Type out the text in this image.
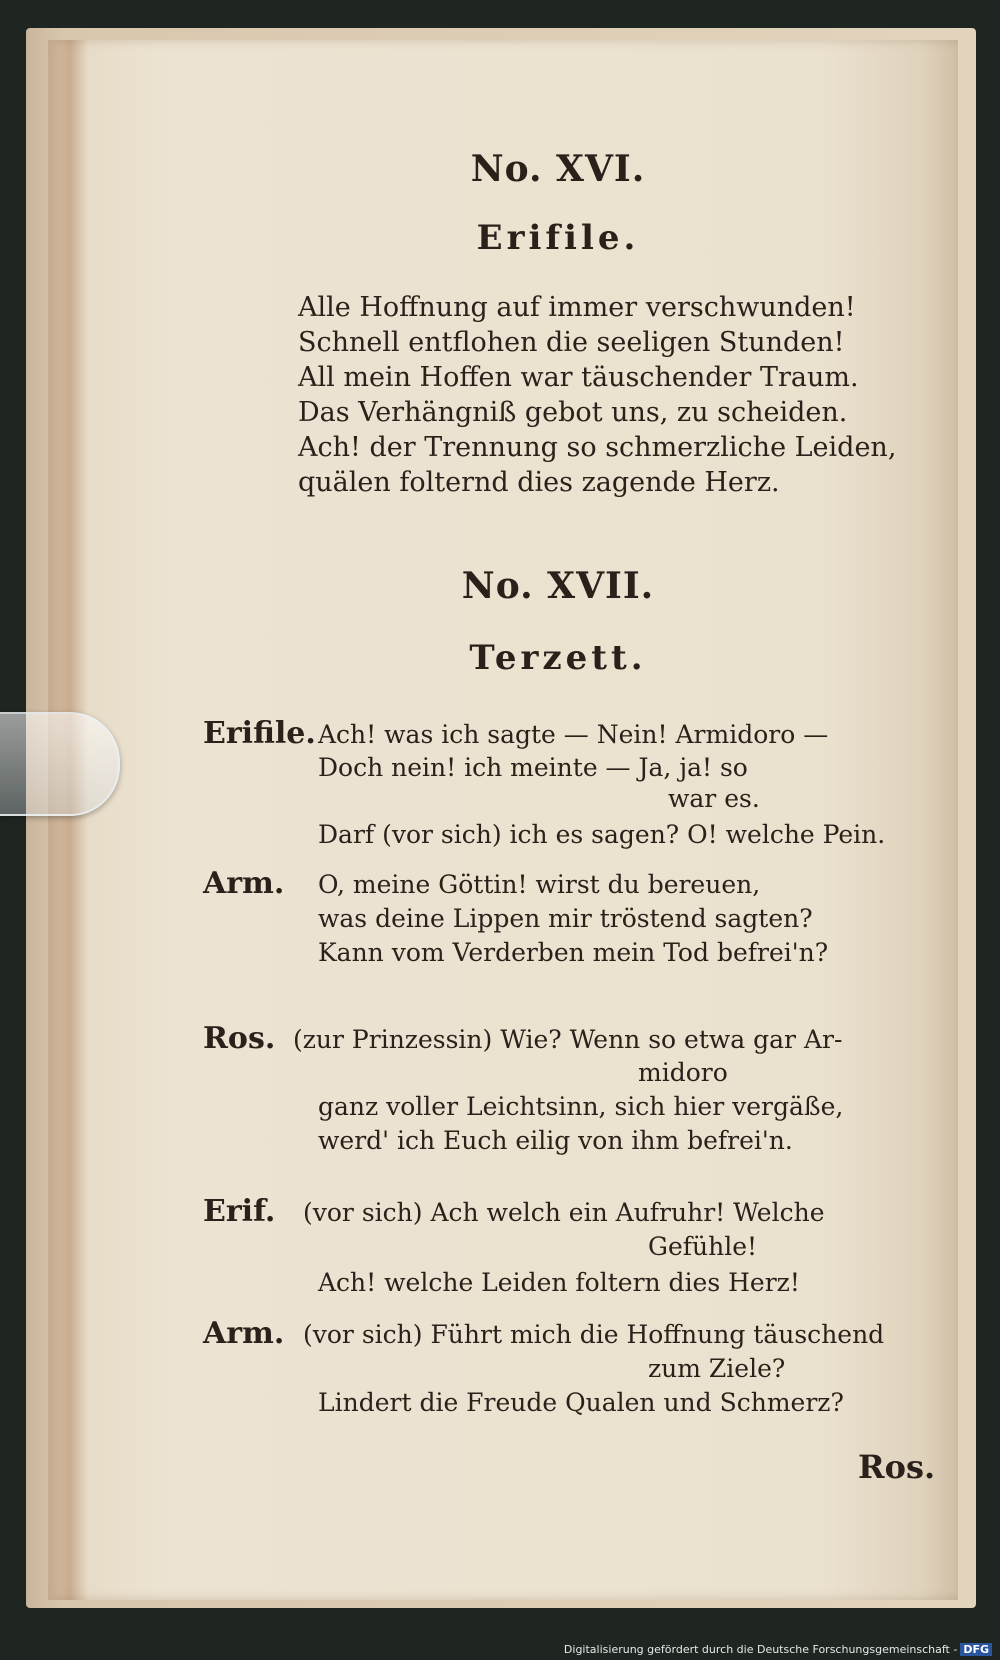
No. XVI.
Erifile.
Alle Hoffnung auf immer verschwunden!
Schnell entflohen die seeligen Stunden!
All mein Hoffen war täuschender Traum.
Das Verhängniß gebot uns, zu scheiden.
Ach! der Trennung so schmerzliche Leiden,
quälen folternd dies zagende Herz.
No. XVII.
Terzett.
Erifile. Ach! was ich sagte — Nein! Armidoro —
Doch nein! ich meinte — Ja, ja! so
war es.
Darf (vor sich) ich es sagen? O! welche Pein.
Arm. O, meine Göttin! wirst du bereuen,
was deine Lippen mir tröstend sagten?
Kann vom Verderben mein Tod befrei'n?
Ros. (zur Prinzessin) Wie? Wenn so etwa gar Ar-
midoro
ganz voller Leichtsinn, sich hier vergäße,
werd' ich Euch eilig von ihm befrei'n.
Erif. (vor sich) Ach welch ein Aufruhr! Welche
Gefühle!
Ach! welche Leiden foltern dies Herz!
Arm. (vor sich) Führt mich die Hoffnung täuschend
zum Ziele?
Lindert die Freude Qualen und Schmerz?
Ros.
Digitalisierung gefördert durch die Deutsche Forschungsgemeinschaft - DFG
